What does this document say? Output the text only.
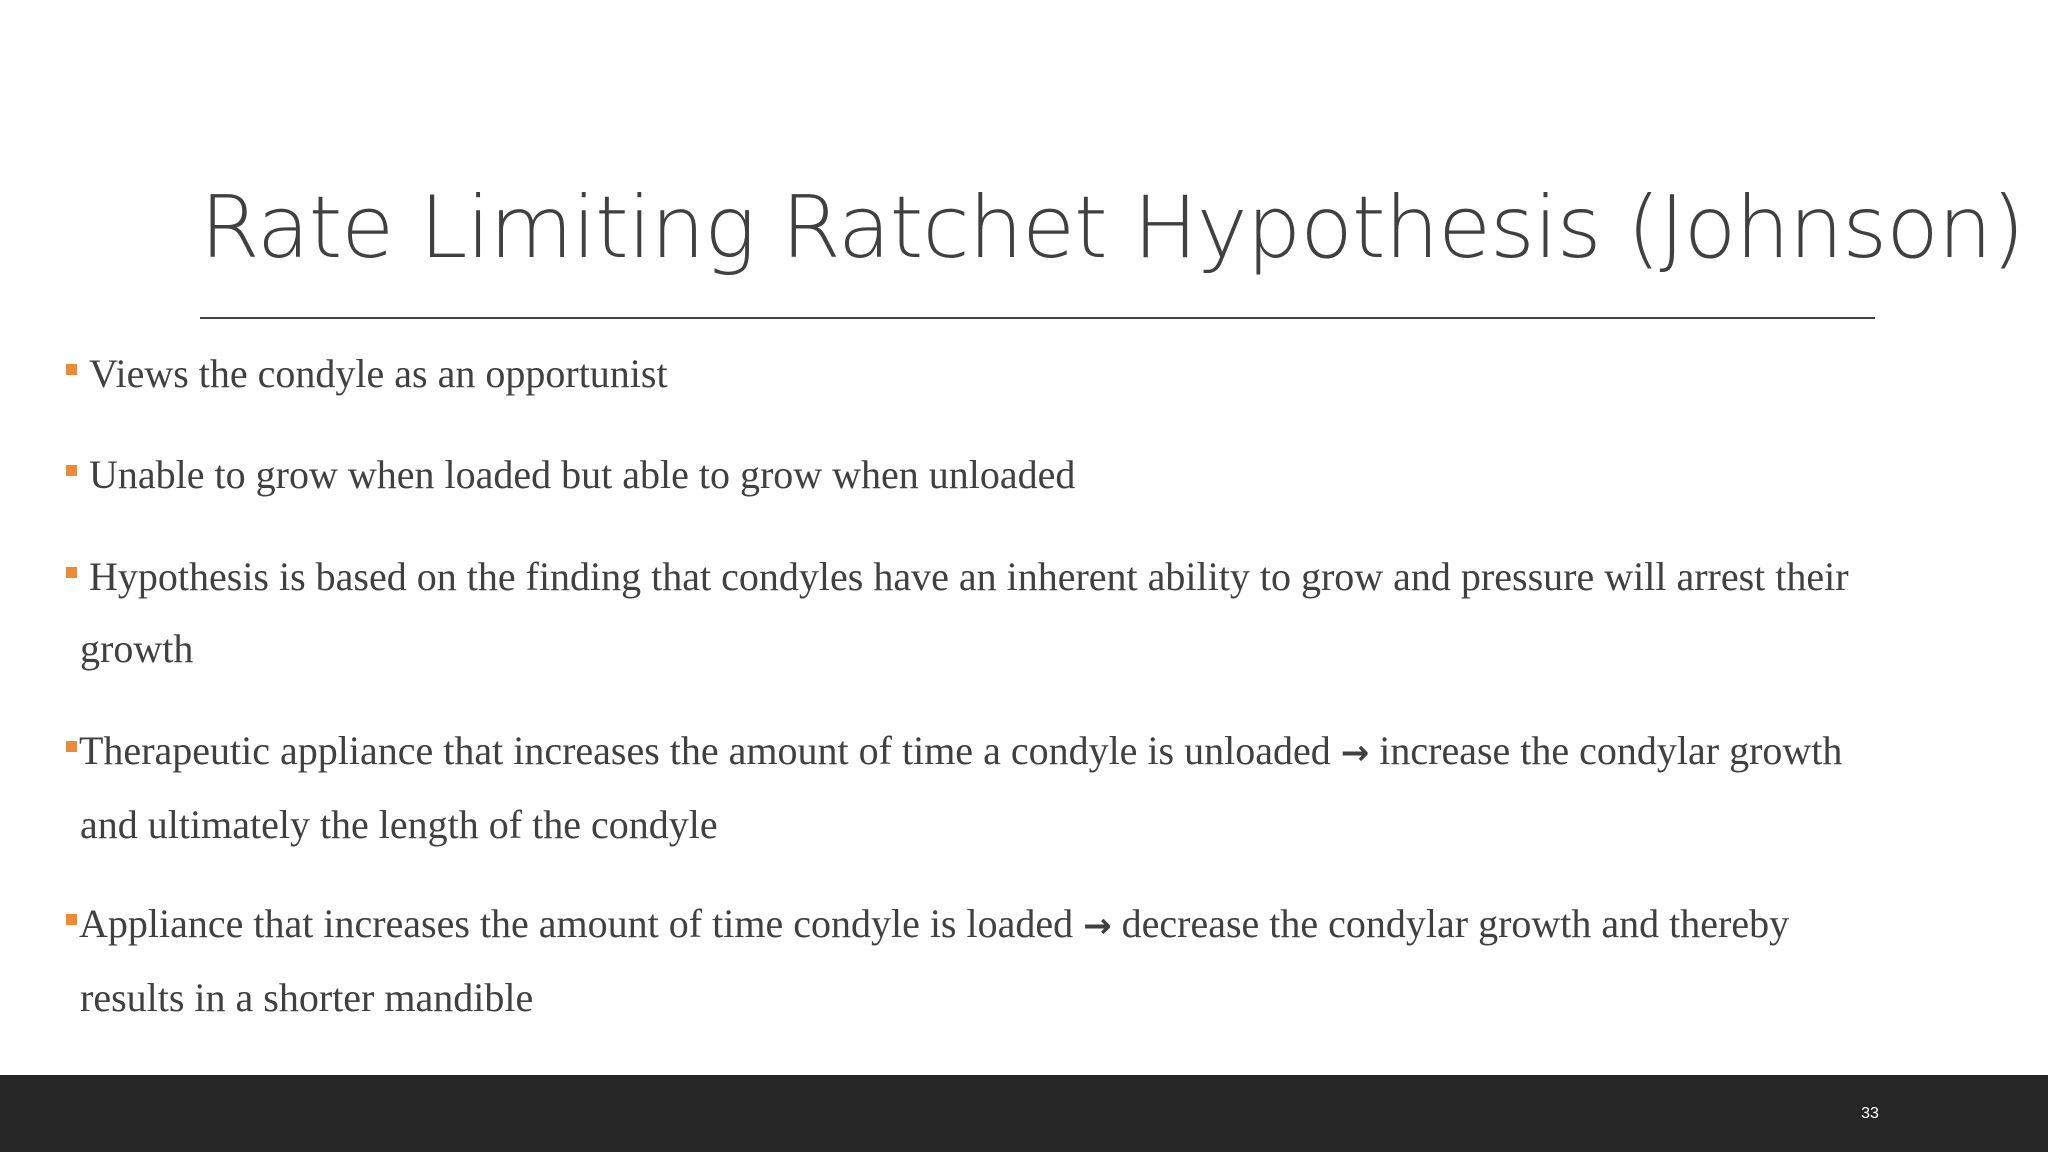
Rate Limiting Ratchet Hypothesis (Johnson)
Views the condyle as an opportunist
Unable to grow when loaded but able to grow when unloaded
Hypothesis is based on the finding that condyles have an inherent ability to grow and pressure will arrest their
growth
Therapeutic appliance that increases the amount of time a condyle is unloaded → increase the condylar growth
and ultimately the length of the condyle
Appliance that increases the amount of time condyle is loaded → decrease the condylar growth and thereby
results in a shorter mandible
33
